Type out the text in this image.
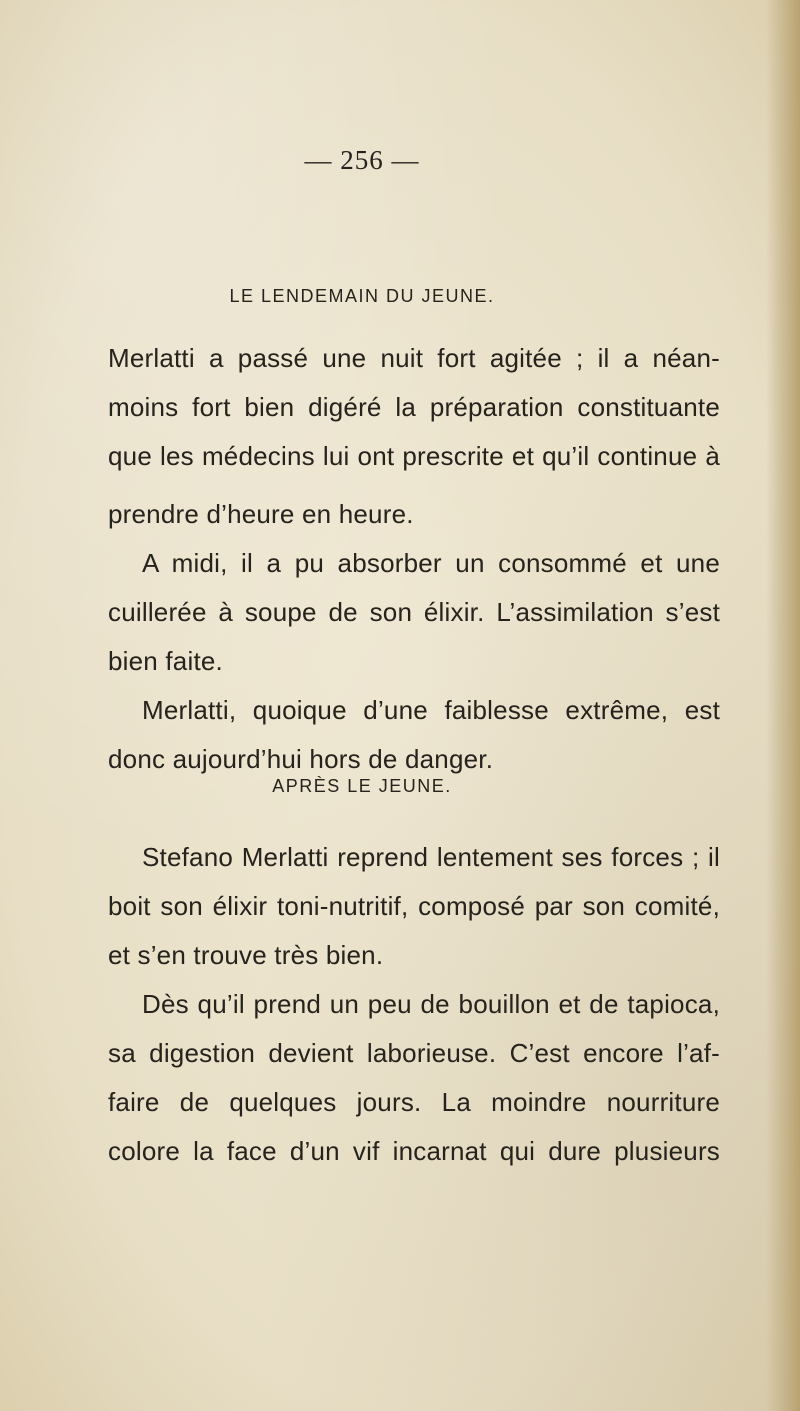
— 256 —
LE LENDEMAIN DU JEUNE.
Merlatti a passé une nuit fort agitée ; il a néan-
moins fort bien digéré la préparation constituante
que les médecins lui ont prescrite et qu’il continue à
prendre d’heure en heure.
A midi, il a pu absorber un consommé et une
cuillerée à soupe de son élixir. L’assimilation s’est
bien faite.
Merlatti, quoique d’une faiblesse extrême, est
donc aujourd’hui hors de danger.
APRÈS LE JEUNE.
Stefano Merlatti reprend lentement ses forces ; il
boit son élixir toni-nutritif, composé par son comité,
et s’en trouve très bien.
Dès qu’il prend un peu de bouillon et de tapioca,
sa digestion devient laborieuse. C’est encore l’af-
faire de quelques jours. La moindre nourriture
colore la face d’un vif incarnat qui dure plusieurs
